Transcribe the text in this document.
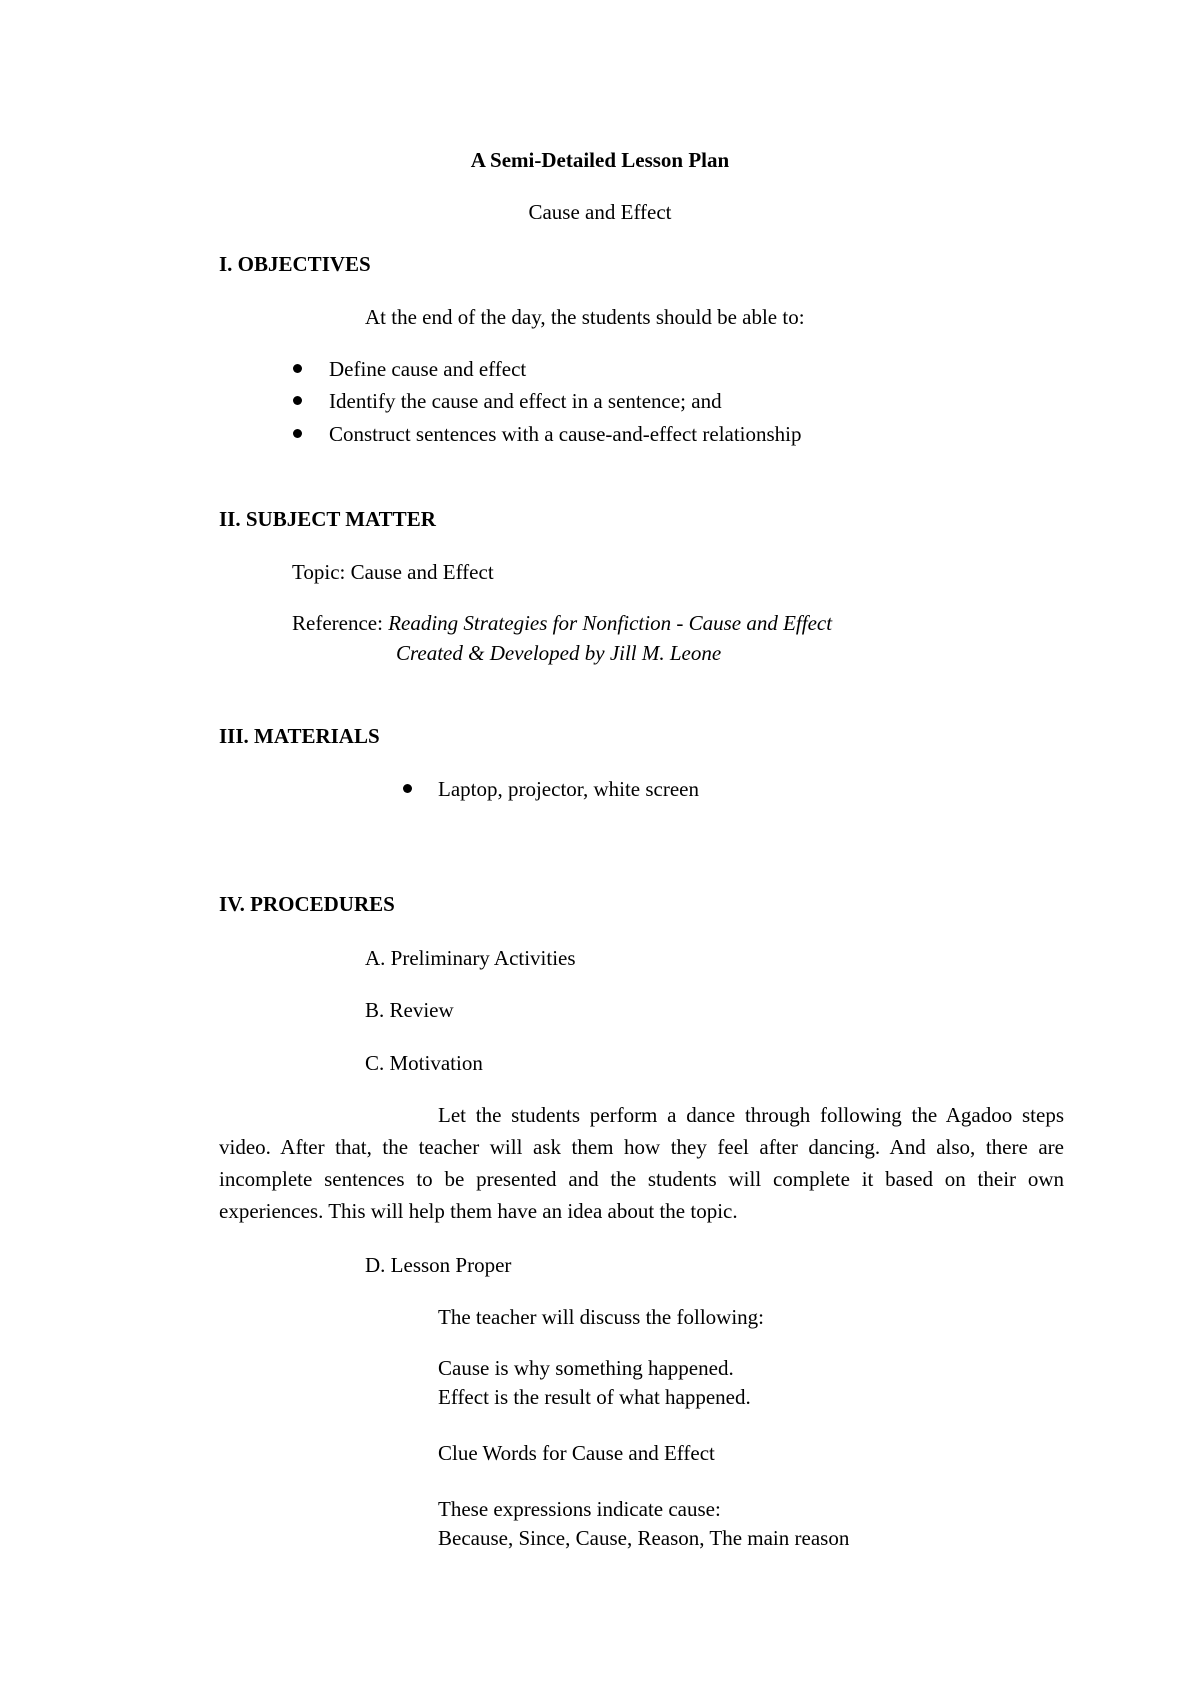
A Semi-Detailed Lesson Plan
Cause and Effect
I. OBJECTIVES
At the end of the day, the students should be able to:
Define cause and effect
Identify the cause and effect in a sentence; and
Construct sentences with a cause-and-effect relationship
II. SUBJECT MATTER
Topic: Cause and Effect
Reference: Reading Strategies for Nonfiction - Cause and Effect
Created & Developed by Jill M. Leone
III. MATERIALS
Laptop, projector, white screen
IV. PROCEDURES
A. Preliminary Activities
B. Review
C. Motivation
Let the students perform a dance through following the Agadoo steps video. After that, the teacher will ask them how they feel after dancing. And also, there are incomplete sentences to be presented and the students will complete it based on their own experiences. This will help them have an idea about the topic.
D. Lesson Proper
The teacher will discuss the following:
Cause is why something happened.
Effect is the result of what happened.
Clue Words for Cause and Effect
These expressions indicate cause:
Because, Since, Cause, Reason, The main reason
